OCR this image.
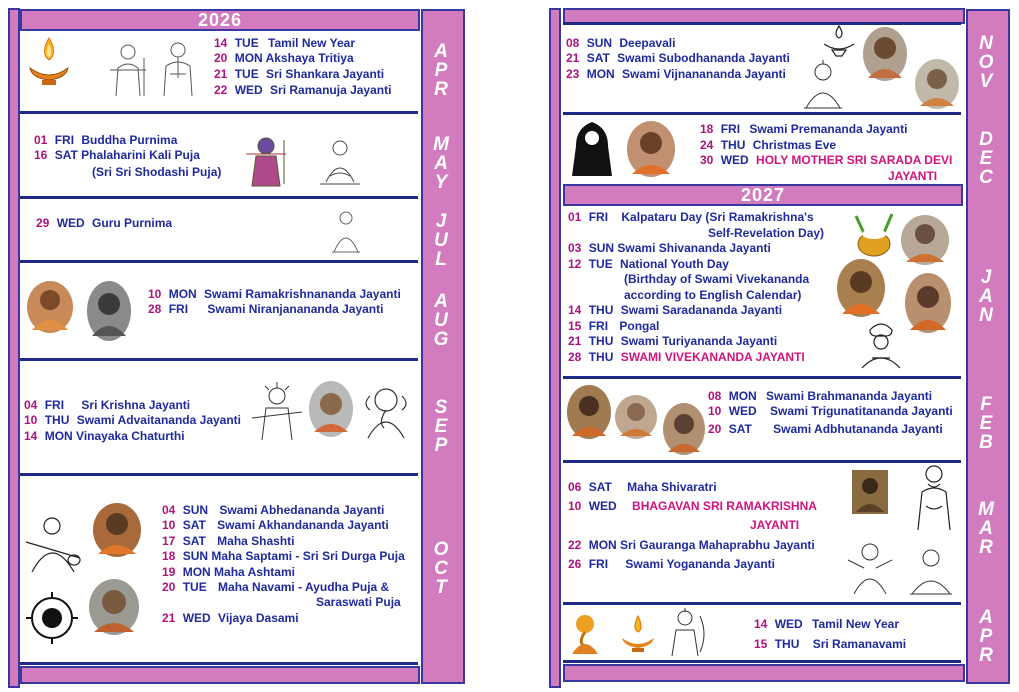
2026
A
P
R
M
A
Y
J
U
L
A
U
G
S
E
P
O
C
T
14 TUE Tamil New Year
20 MON Akshaya Tritiya
21 TUE Sri Shankara Jayanti
22 WED Sri Ramanuja Jayanti
01 FRI Buddha Purnima
16 SAT Phalaharini Kali Puja
(Sri Sri Shodashi Puja)
29 WED Guru Purnima
10 MON Swami Ramakrishnananda Jayanti
28 FRI Swami Niranjanananda Jayanti
04 FRI Sri Krishna Jayanti
10 THU Swami Advaitananda Jayanti
14 MON Vinayaka Chaturthi
04 SUN Swami Abhedananda Jayanti
10 SAT Swami Akhandananda Jayanti
17 SAT Maha Shashti
18 SUN Maha Saptami - Sri Sri Durga Puja
19 MON Maha Ashtami
20 TUE Maha Navami - Ayudha Puja &
Saraswati Puja
21 WED Vijaya Dasami
2027
N
O
V
D
E
C
J
A
N
F
E
B
M
A
R
A
P
R
08 SUN Deepavali
21 SAT Swami Subodhananda Jayanti
23 MON Swami Vijnanananda Jayanti
18 FRI Swami Premananda Jayanti
24 THU Christmas Eve
30 WED HOLY MOTHER SRI SARADA DEVI
JAYANTI
01 FRI Kalpataru Day (Sri Ramakrishna's
Self-Revelation Day)
03 SUN Swami Shivananda Jayanti
12 TUE National Youth Day
(Birthday of Swami Vivekananda
according to English Calendar)
14 THU Swami Saradananda Jayanti
15 FRI Pongal
21 THU Swami Turiyananda Jayanti
28 THU SWAMI VIVEKANANDA JAYANTI
08 MON Swami Brahmananda Jayanti
10 WED Swami Trigunatitananda Jayanti
20 SAT Swami Adbhutananda Jayanti
06 SAT Maha Shivaratri
10 WED BHAGAVAN SRI RAMAKRISHNA
JAYANTI
22 MON Sri Gauranga Mahaprabhu Jayanti
26 FRI Swami Yogananda Jayanti
14 WED Tamil New Year
15 THU Sri Ramanavami
